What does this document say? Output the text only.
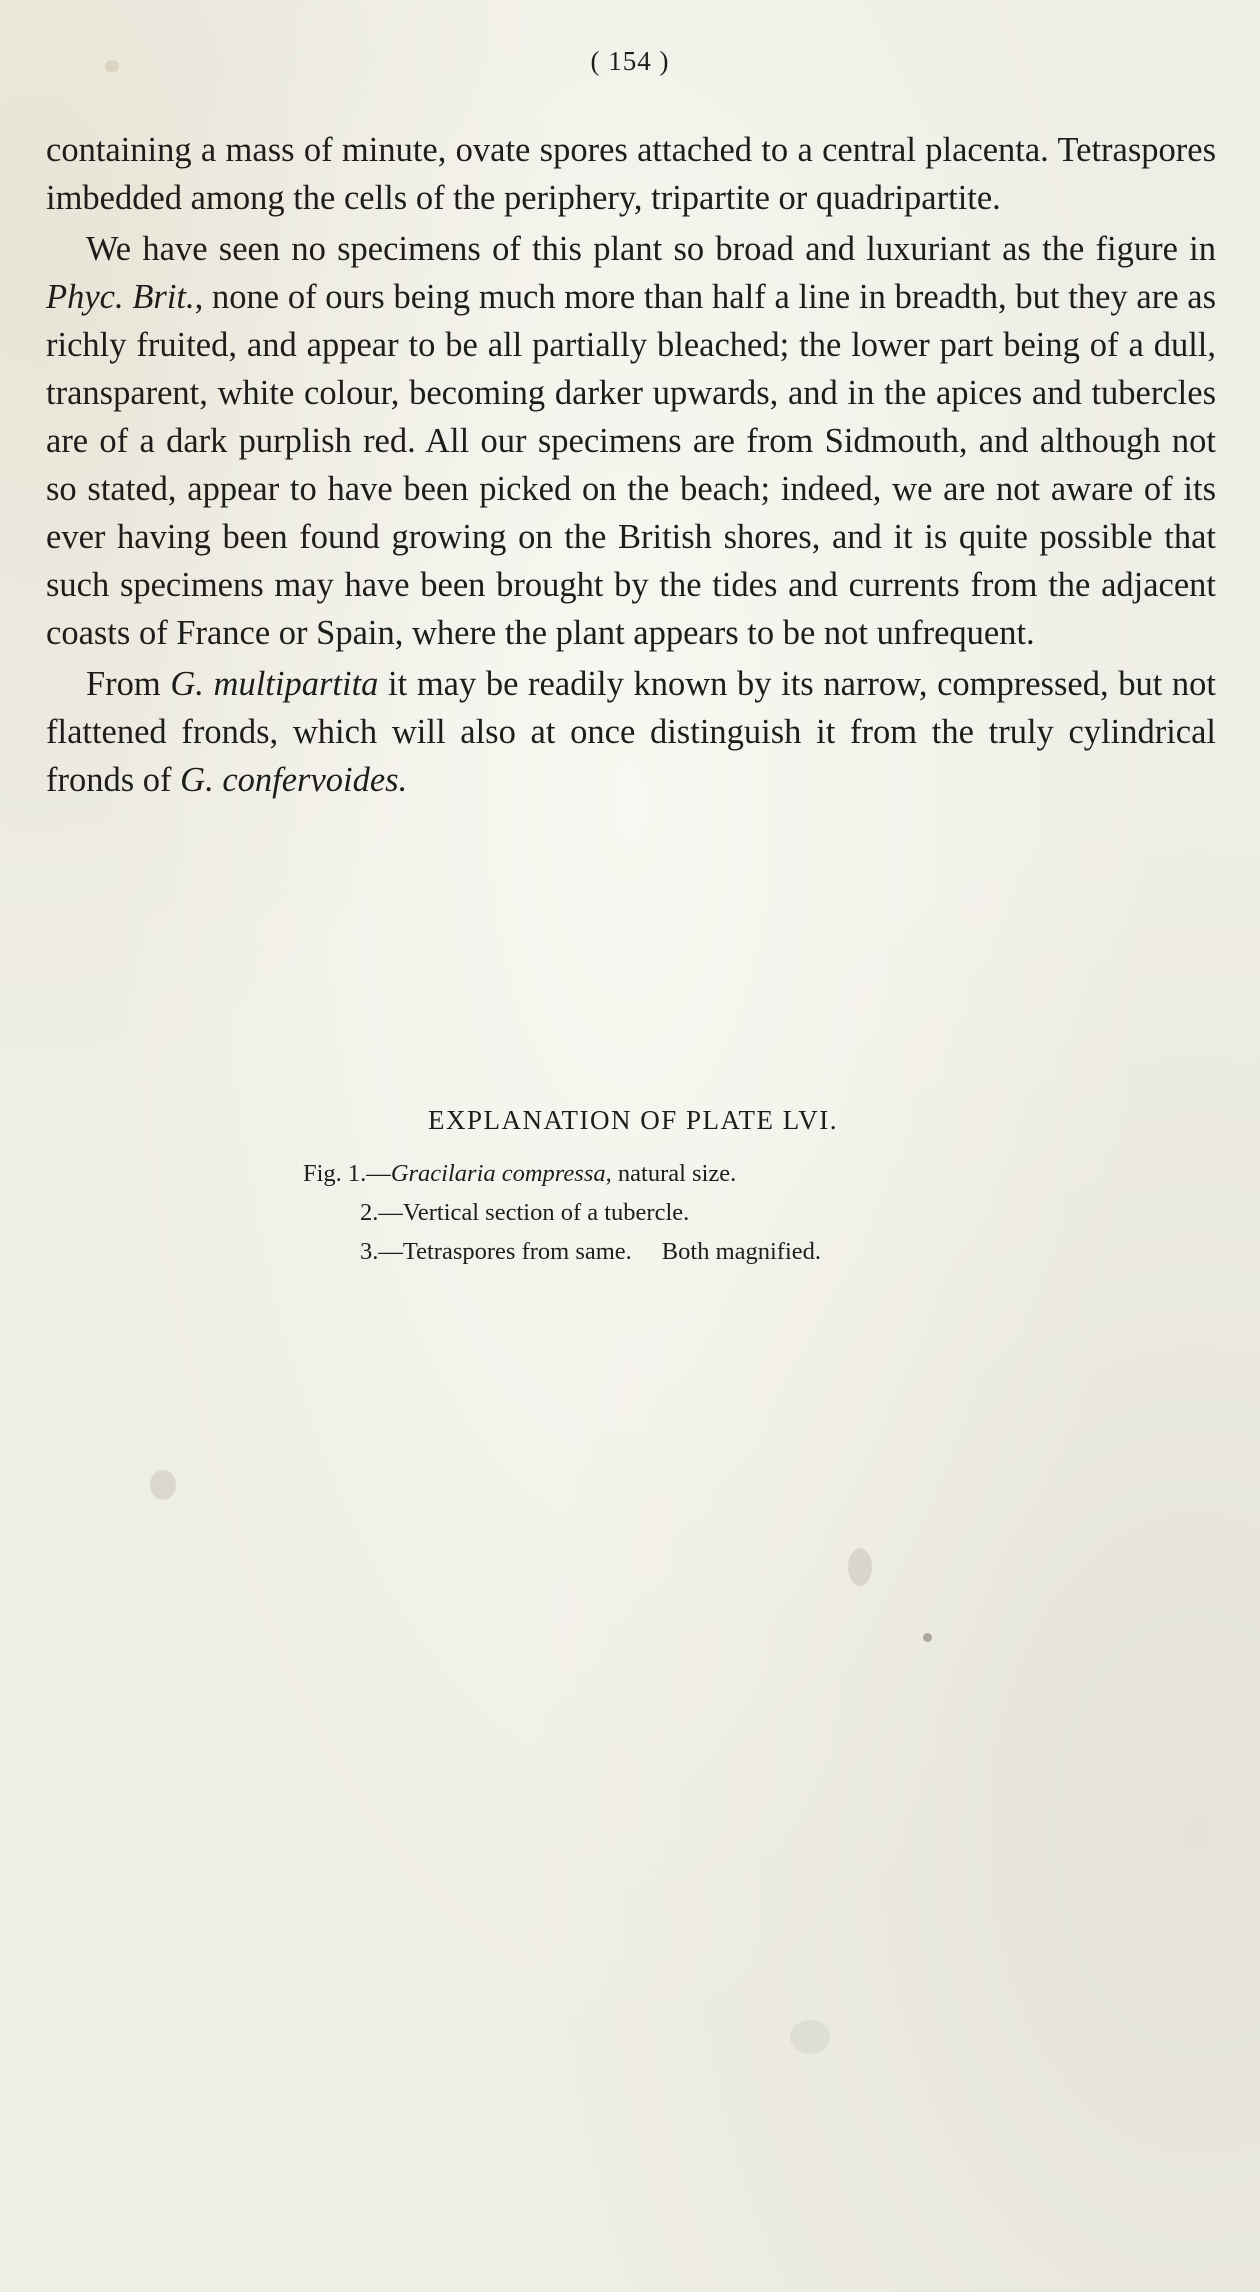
( 154 )

containing a mass of minute, ovate spores attached to a central placenta. Tetraspores imbedded among the cells of the periphery, tripartite or quadripartite.

We have seen no specimens of this plant so broad and luxuriant as the figure in Phyc. Brit., none of ours being much more than half a line in breadth, but they are as richly fruited, and appear to be all partially bleached; the lower part being of a dull, transparent, white colour, becoming darker upwards, and in the apices and tubercles are of a dark purplish red. All our specimens are from Sidmouth, and although not so stated, appear to have been picked on the beach; indeed, we are not aware of its ever having been found growing on the British shores, and it is quite possible that such specimens may have been brought by the tides and currents from the adjacent coasts of France or Spain, where the plant appears to be not unfrequent.

From G. multipartita it may be readily known by its narrow, compressed, but not flattened fronds, which will also at once distinguish it from the truly cylindrical fronds of G. confervoides.

EXPLANATION OF PLATE LVI.
Fig. 1.—Gracilaria compressa, natural size.
2.—Vertical section of a tubercle.
3.—Tetraspores from same. Both magnified.
